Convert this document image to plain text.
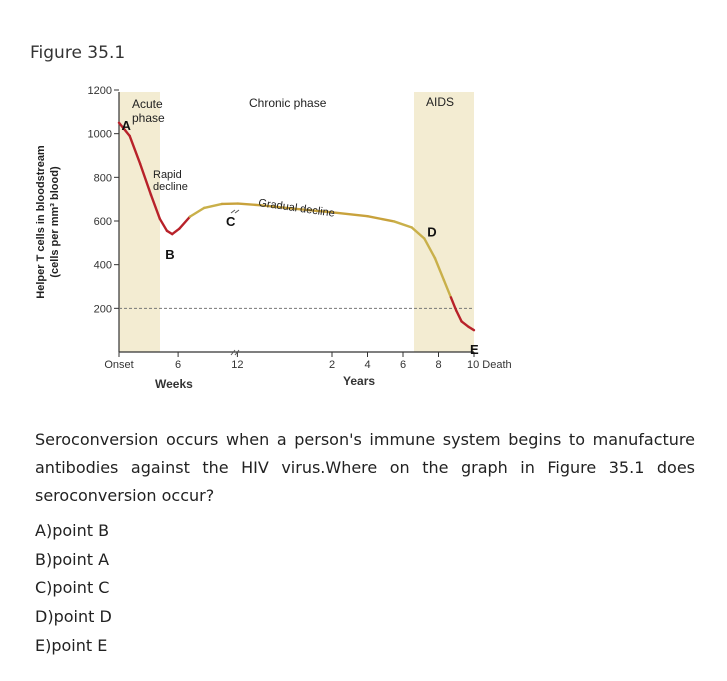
Figure 35.1
1200
1000
800
600
400
200
Onset	6	12	2	4	6	8 10 Death
A
B
C
D
E
Acute phase
Chronic phase	AIDS
Rapid decline
Gradual decline
Weeks	Years
Helper T cells in bloodstream (cells per mm³ blood)

Seroconversion occurs when a person's immune system begins to manufacture antibodies against the HIV virus.Where on the graph in Figure 35.1 does seroconversion occur?

A)point B
B)point A
C)point C
D)point D
E)point E
